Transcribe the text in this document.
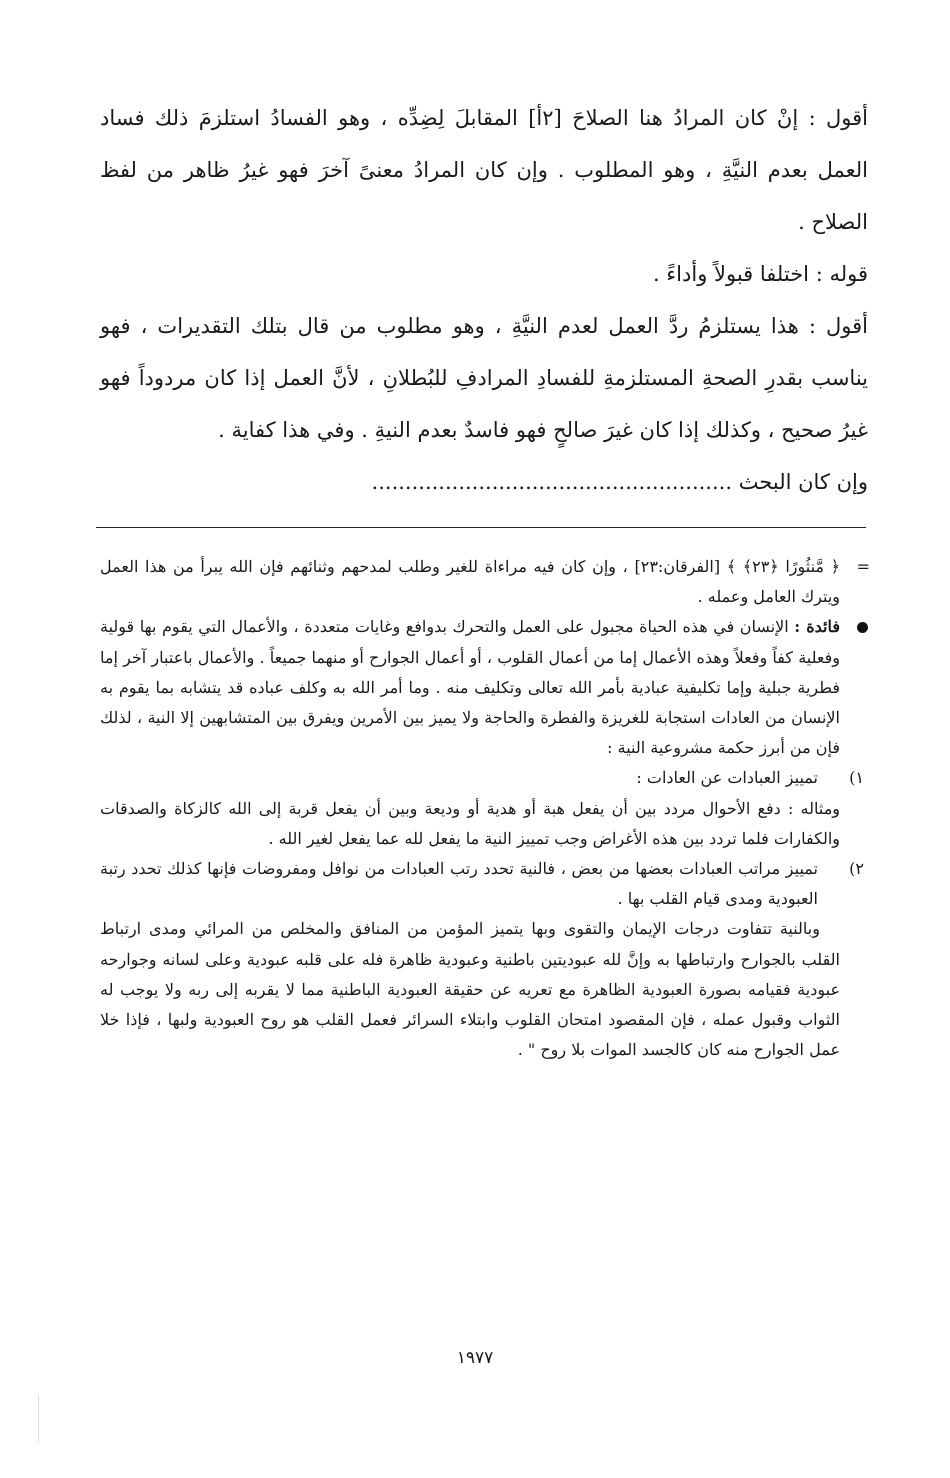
أقول : إنْ كان المرادُ هنا الصلاحَ [٢أ] المقابلَ لِضِدِّه ، وهو الفسادُ استلزمَ ذلك فساد العمل بعدم النيَّةِ ، وهو المطلوب . وإن كان المرادُ معنىً آخرَ فهو غيرُ ظاهر من لفظ الصلاح .

قوله : اختلفا قبولاً وأداءً .

أقول : هذا يستلزمُ ردَّ العمل لعدم النيَّةِ ، وهو مطلوب من قال بتلك التقديرات ، فهو يناسب بقدرِ الصحةِ المستلزمةِ للفسادِ المرادفِ للبُطلانِ ، لأنَّ العمل إذا كان مردوداً فهو غيرُ صحيح ، وكذلك إذا كان غيرَ صالحٍ فهو فاسدٌ بعدم النيةِ . وفي هذا كفاية .

وإن كان البحث ......................................................

=
﴿ مَّنثُورًا ﴿٢٣﴾ ﴾ [الفرقان:٢٣] ، وإن كان فيه مراءاة للغير وطلب لمدحهم وثنائهم فإن الله يبرأ من هذا العمل ويترك العامل وعمله .

فائدة : الإنسان في هذه الحياة مجبول على العمل والتحرك بدوافع وغايات متعددة ، والأعمال التي يقوم بها قولية وفعلية كفاً وفعلاً وهذه الأعمال إما من أعمال القلوب ، أو أعمال الجوارح أو منهما جميعاً . والأعمال باعتبار آخر إما فطرية جبلية وإما تكليفية عبادية بأمر الله تعالى وتكليف منه . وما أمر الله به وكلف عباده قد يتشابه بما يقوم به الإنسان من العادات استجابة للغريزة والفطرة والحاجة ولا يميز بين الأمرين ويفرق بين المتشابهين إلا النية ، لذلك فإن من أبرز حكمة مشروعية النية :

١)
تمييز العبادات عن العادات :

ومثاله : دفع الأحوال مردد بين أن يفعل هبة أو هدية أو وديعة وبين أن يفعل قربة إلى الله كالزكاة والصدقات والكفارات فلما تردد بين هذه الأغراض وجب تمييز النية ما يفعل لله عما يفعل لغير الله .

٢)
تمييز مراتب العبادات بعضها من بعض ، فالنية تحدد رتب العبادات من نوافل ومفروضات فإنها كذلك تحدد رتبة العبودية ومدى قيام القلب بها .

وبالنية تتفاوت درجات الإيمان والتقوى وبها يتميز المؤمن من المنافق والمخلص من المرائي ومدى ارتباط القلب بالجوارح وارتباطها به وإنَّ لله عبوديتين باطنية وعبودية ظاهرة فله على قلبه عبودية وعلى لسانه وجوارحه عبودية فقيامه بصورة العبودية الظاهرة مع تعريه عن حقيقة العبودية الباطنية مما لا يقربه إلى ربه ولا يوجب له الثواب وقبول عمله ، فإن المقصود امتحان القلوب وابتلاء السرائر فعمل القلب هو روح العبودية ولبها ، فإذا خلا عمل الجوارح منه كان كالجسد الموات بلا روح " .

١٩٧٧
